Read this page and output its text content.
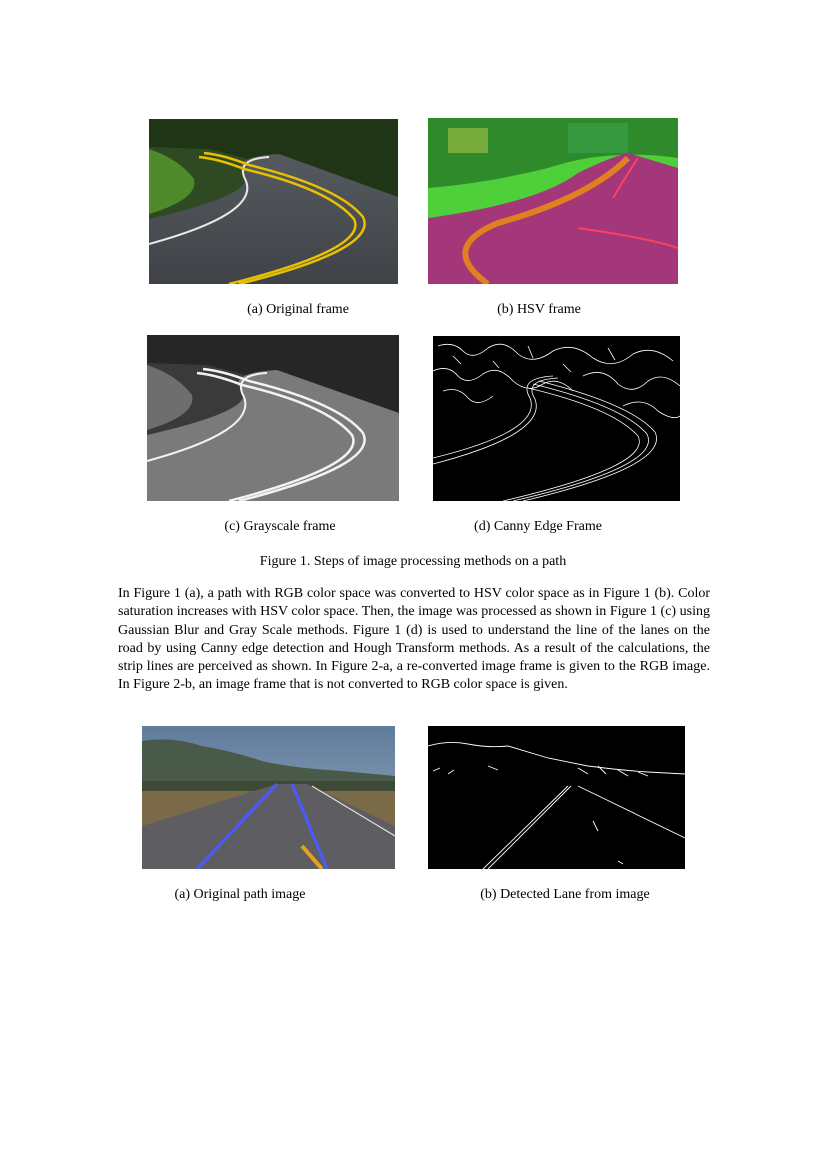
(a) Original frame	(b) HSV frame
(c) Grayscale frame	(d) Canny Edge Frame
Figure 1. Steps of image processing methods on a path

In Figure 1 (a), a path with RGB color space was converted to HSV color space as in Figure 1 (b). Color saturation increases with HSV color space. Then, the image was processed as shown in Figure 1 (c) using Gaussian Blur and Gray Scale methods. Figure 1 (d) is used to understand the line of the lanes on the road by using Canny edge detection and Hough Transform methods. As a result of the calculations, the strip lines are perceived as shown. In Figure 2-a, a re-converted image frame is given to the RGB image. In Figure 2-b, an image frame that is not converted to RGB color space is given.

(a) Original path image	(b) Detected Lane from image
